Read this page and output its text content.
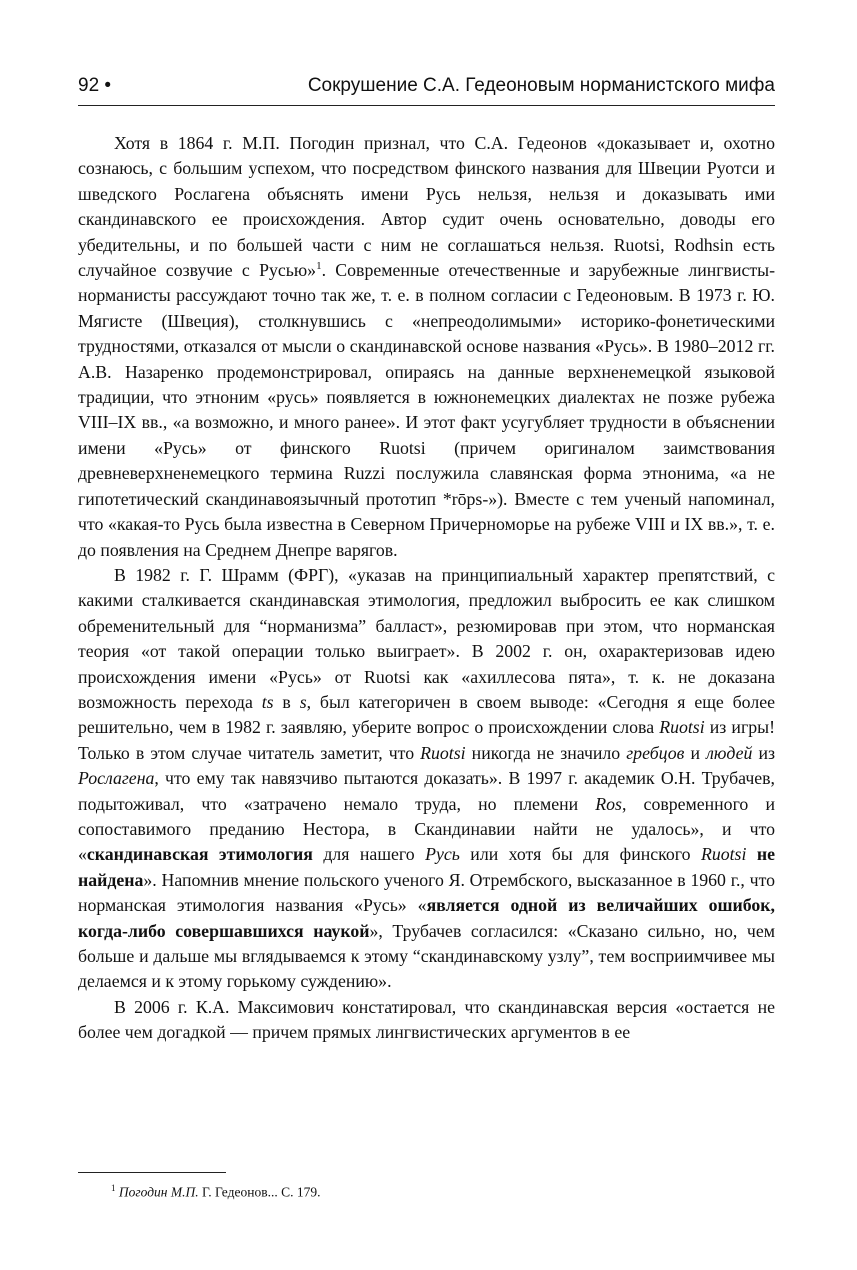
92 •	Сокрушение С.А. Гедеоновым норманистского мифа

Хотя в 1864 г. М.П. Погодин признал, что С.А. Гедеонов «доказывает и, охотно сознаюсь, с большим успехом, что посредством финского названия для Швеции Руотси и шведского Рослагена объяснять имени Русь нельзя, нельзя и доказывать ими скандинавского ее происхождения. Автор судит очень основательно, доводы его убедительны, и по большей части с ним не соглашаться нельзя. Ruotsi, Rodhsin есть случайное созвучие с Русью»$^1$. Современные отечественные и зарубежные лингвисты-норманисты рассуждают точно так же, т. е. в полном согласии с Гедеоновым. В 1973 г. Ю. Мягисте (Швеция), столкнувшись с «непреодолимыми» историко-фонетическими трудностями, отказался от мысли о скандинавской основе названия «Русь». В 1980–2012 гг. А.В. Назаренко продемонстрировал, опираясь на данные верхненемецкой языковой традиции, что этноним «русь» появляется в южнонемецких диалектах не позже рубежа VIII–IX вв., «а возможно, и много ранее». И этот факт усугубляет трудности в объяснении имени «Русь» от финского Ruotsi (причем оригиналом заимствования древневерхненемецкого термина Ruzzi послужила славянская форма этнонима, «а не гипотетический скандинавоязычный прототип *rōps-»). Вместе с тем ученый напоминал, что «какая-то Русь была известна в Северном Причерноморье на рубеже VIII и IX вв.», т. е. до появления на Среднем Днепре варягов.

В 1982 г. Г. Шрамм (ФРГ), «указав на принципиальный характер препятствий, с какими сталкивается скандинавская этимология, предложил выбросить ее как слишком обременительный для “норманизма” балласт», резюмировав при этом, что норманская теория «от такой операции только выиграет». В 2002 г. он, охарактеризовав идею происхождения имени «Русь» от Ruotsi как «ахиллесова пята», т. к. не доказана возможность перехода ts в s, был категоричен в своем выводе: «Сегодня я еще более решительно, чем в 1982 г. заявляю, уберите вопрос о происхождении слова Ruotsi из игры! Только в этом случае читатель заметит, что Ruotsi никогда не значило гребцов и людей из Рослагена, что ему так навязчиво пытаются доказать». В 1997 г. академик О.Н. Трубачев, подытоживал, что «затрачено немало труда, но племени Ros, современного и сопоставимого преданию Нестора, в Скандинавии найти не удалось», и что «скандинавская этимология для нашего Русь или хотя бы для финского Ruotsi не найдена». Напомнив мнение польского ученого Я. Отрембского, высказанное в 1960 г., что норманская этимология названия «Русь» «является одной из величайших ошибок, когда-либо совершавшихся наукой», Трубачев согласился: «Сказано сильно, но, чем больше и дальше мы вглядываемся к этому “скандинавскому узлу”, тем восприимчивее мы делаемся и к этому горькому суждению».

В 2006 г. К.А. Максимович констатировал, что скандинавская версия «остается не более чем догадкой — причем прямых лингвистических аргументов в ее

$^1$ Погодин М.П. Г. Гедеонов... С. 179.
